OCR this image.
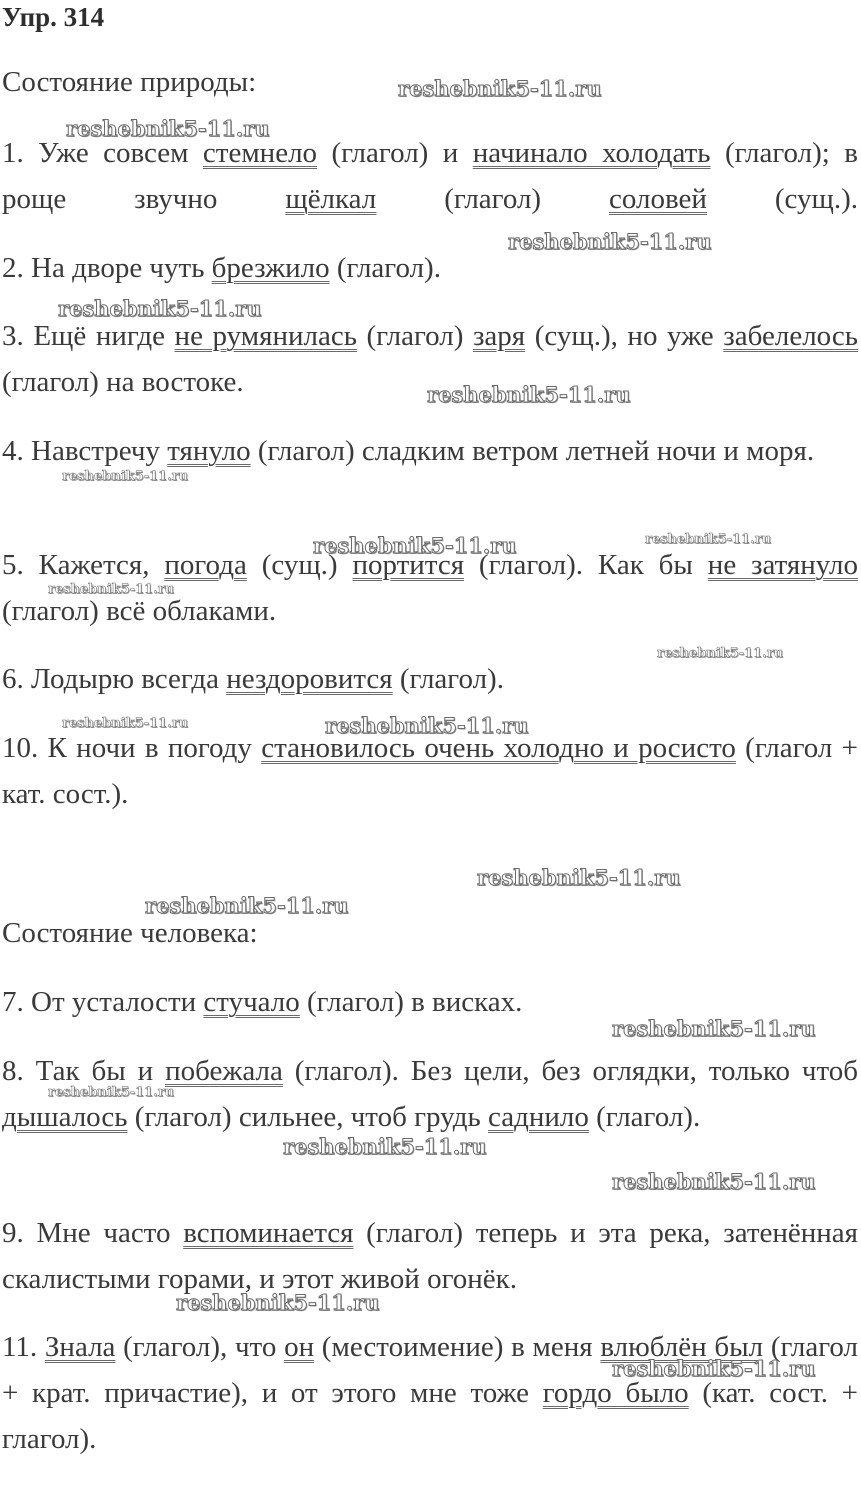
Упр. 314
Состояние природы:
1. Уже совсем стемнело (глагол) и начинало холодать (глагол); в роще звучно щёлкал (глагол) соловей (сущ.).
2. На дворе чуть брезжило (глагол).
3. Ещё нигде не румянилась (глагол) заря (сущ.), но уже забелелось (глагол) на востоке.
4. Навстречу тянуло (глагол) сладким ветром летней ночи и моря.
5. Кажется, погода (сущ.) портится (глагол). Как бы не затянуло (глагол) всё облаками.
6. Лодырю всегда нездоровится (глагол).
10. К ночи в погоду становилось очень холодно и росисто (глагол + кат. сост.).
Состояние человека:
7. От усталости стучало (глагол) в висках.
8. Так бы и побежала (глагол). Без цели, без оглядки, только чтоб дышалось (глагол) сильнее, чтоб грудь саднило (глагол).
9. Мне часто вспоминается (глагол) теперь и эта река, затенённая скалистыми горами, и этот живой огонёк.
11. Знала (глагол), что он (местоимение) в меня влюблён был (глагол + крат. причастие), и от этого мне тоже гордо было (кат. сост. + глагол).
reshebnik5-11.ru
reshebnik5-11.ru
reshebnik5-11.ru
reshebnik5-11.ru
reshebnik5-11.ru
reshebnik5-11.ru
reshebnik5-11.ru	reshebnik5-11.ru
reshebnik5-11.ru
reshebnik5-11.ru
reshebnik5-11.ru	reshebnik5-11.ru
reshebnik5-11.ru
reshebnik5-11.ru
reshebnik5-11.ru
reshebnik5-11.ru
reshebnik5-11.ru
reshebnik5-11.ru
reshebnik5-11.ru
reshebnik5-11.ru
